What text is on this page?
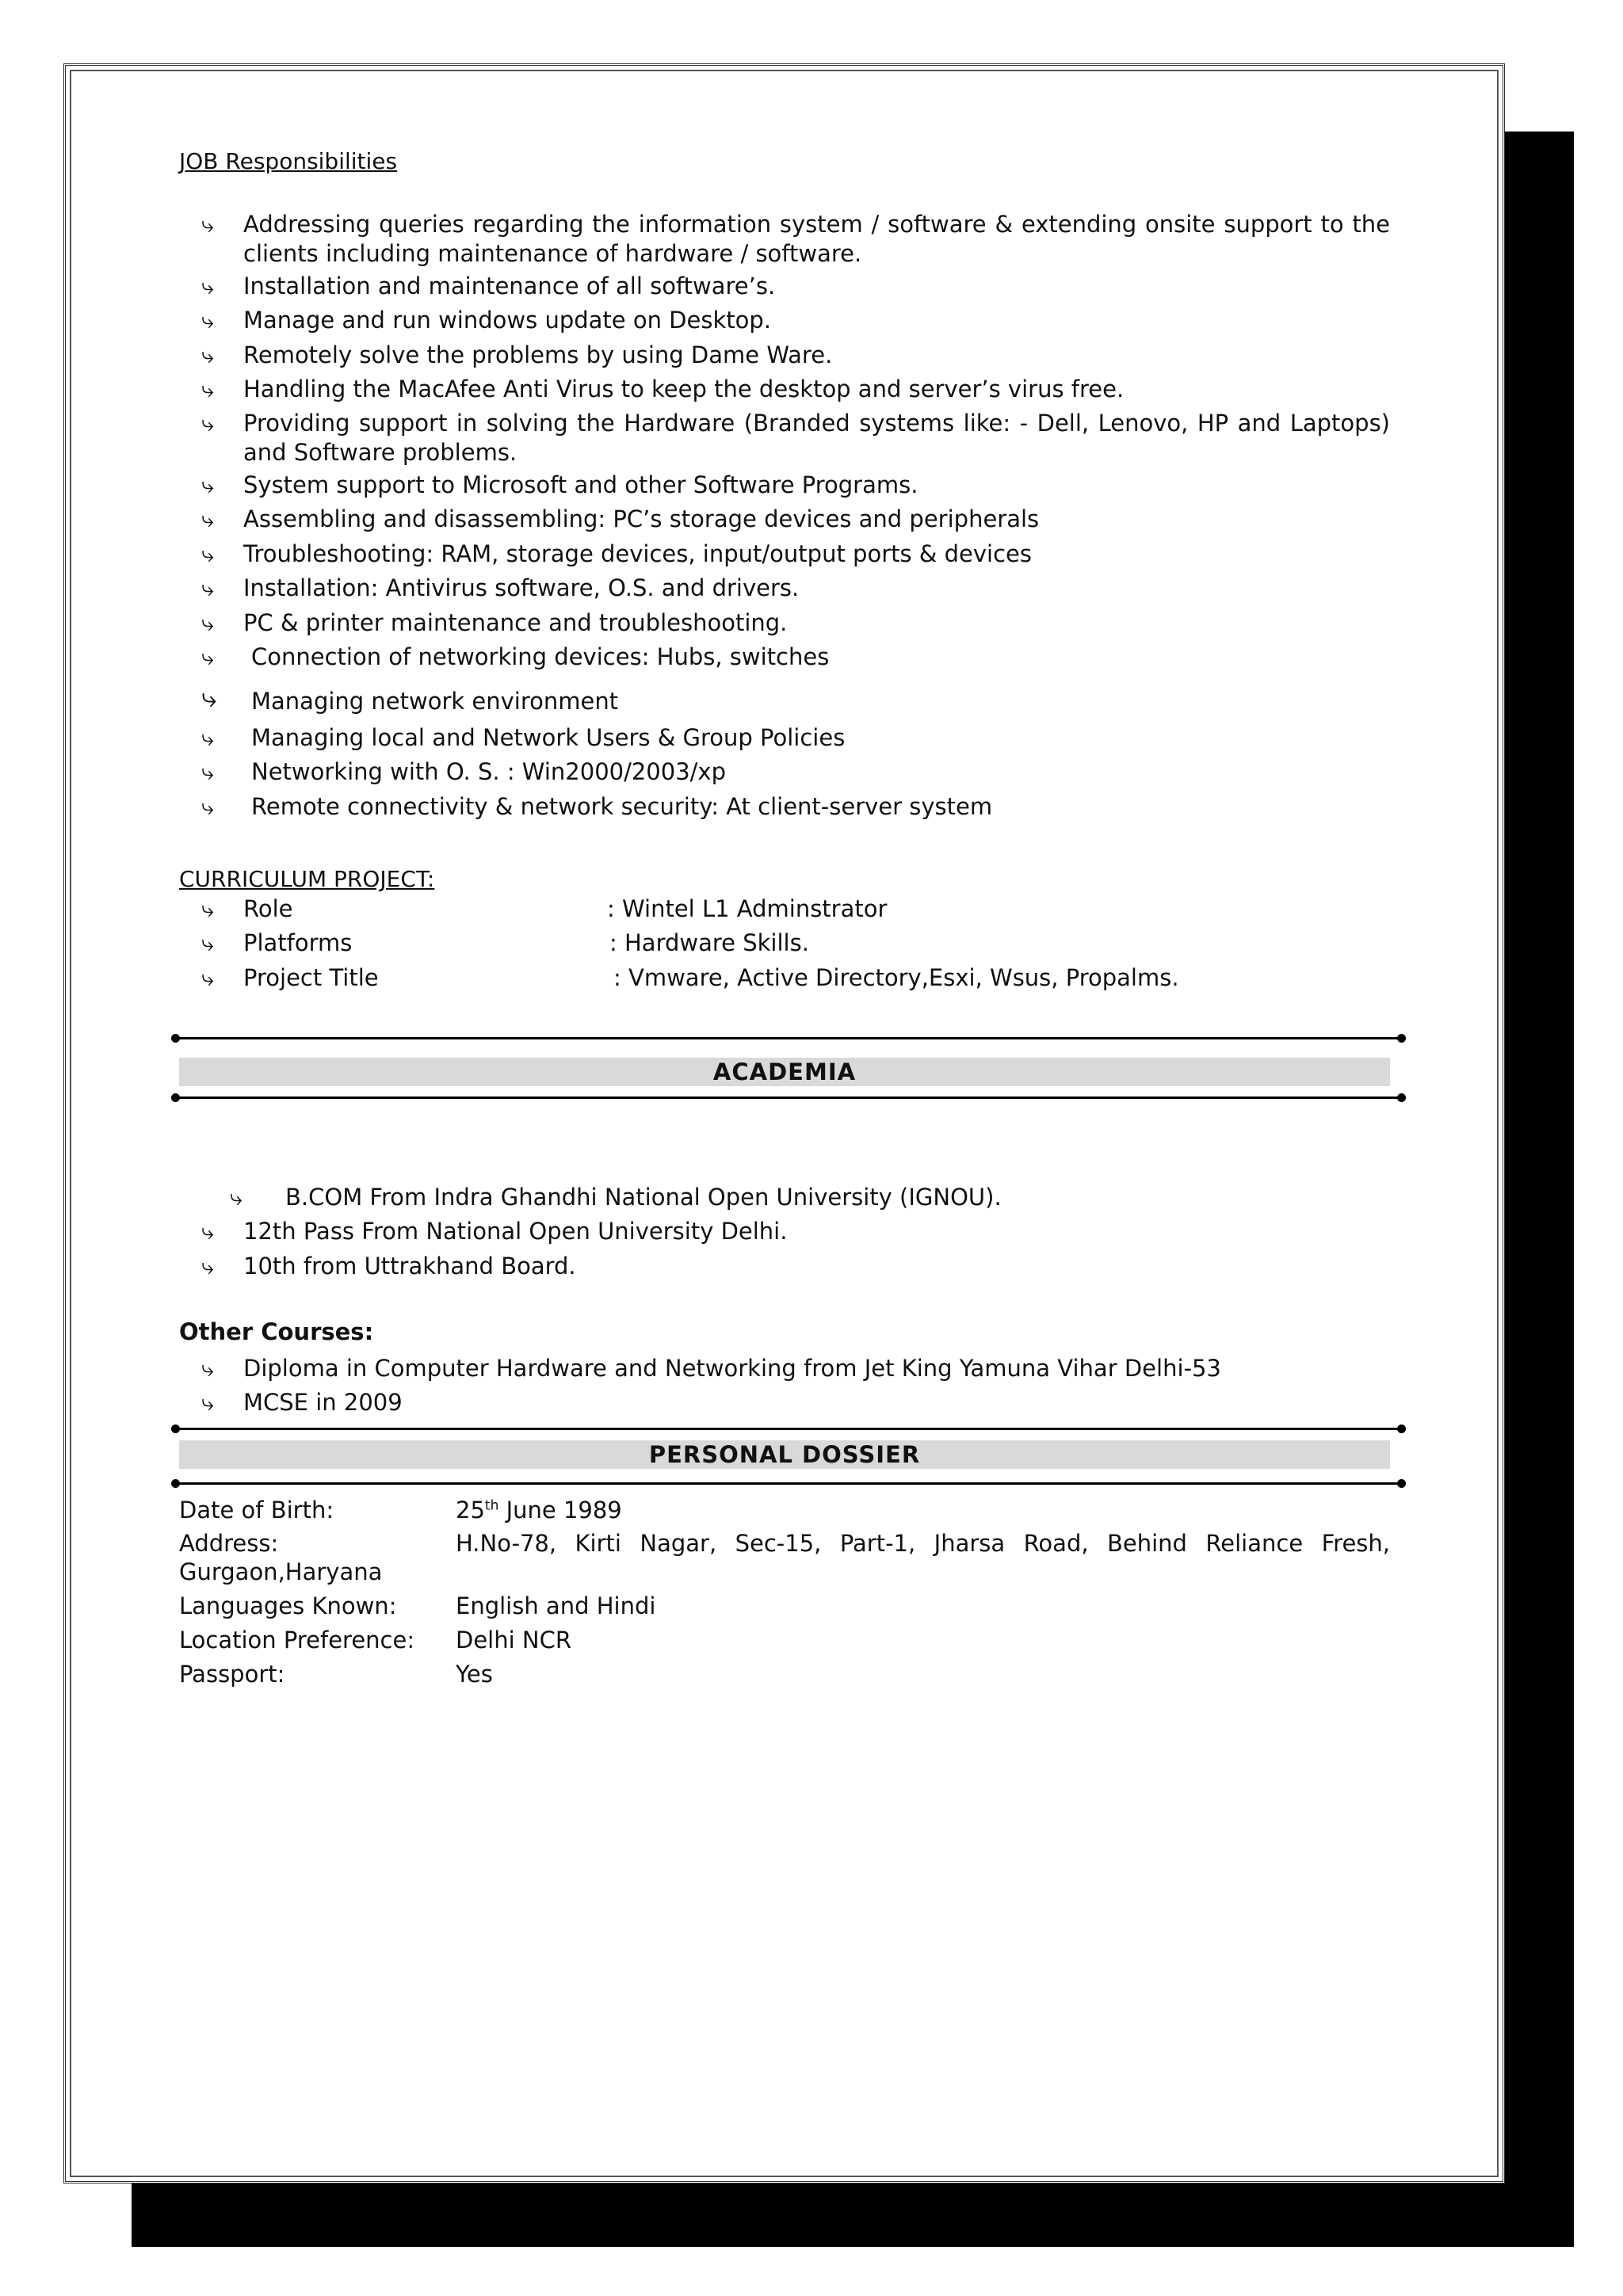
JOB Responsibilities
⤷ Addressing queries regarding the information system / software & extending onsite support to the clients including maintenance of hardware / software.
⤷ Installation and maintenance of all software’s.
⤷ Manage and run windows update on Desktop.
⤷ Remotely solve the problems by using Dame Ware.
⤷ Handling the MacAfee Anti Virus to keep the desktop and server’s virus free.
⤷ Providing support in solving the Hardware (Branded systems like: - Dell, Lenovo, HP and Laptops) and Software problems.
⤷ System support to Microsoft and other Software Programs.
⤷ Assembling and disassembling: PC’s storage devices and peripherals
⤷ Troubleshooting: RAM, storage devices, input/output ports & devices
⤷ Installation: Antivirus software, O.S. and drivers.
⤷ PC & printer maintenance and troubleshooting.
⤷ Connection of networking devices: Hubs, switches
⤷ Managing network environment
⤷ Managing local and Network Users & Group Policies
⤷ Networking with O. S. : Win2000/2003/xp
⤷ Remote connectivity & network security: At client-server system
CURRICULUM PROJECT:
⤷ Role	: Wintel L1 Adminstrator
⤷ Platforms	: Hardware Skills.
⤷ Project Title	: Vmware, Active Directory,Esxi, Wsus, Propalms.
ACADEMIA
⤷ B.COM From Indra Ghandhi National Open University (IGNOU).
⤷ 12th Pass From National Open University Delhi.
⤷ 10th from Uttrakhand Board.
Other Courses:
⤷ Diploma in Computer Hardware and Networking from Jet King Yamuna Vihar Delhi-53
⤷ MCSE in 2009
PERSONAL DOSSIER
Date of Birth:	25th June 1989
Address:	H.No-78, Kirti Nagar, Sec-15, Part-1, Jharsa Road, Behind Reliance Fresh,
Gurgaon,Haryana
Languages Known:	English and Hindi
Location Preference: Delhi NCR
Passport:	Yes
